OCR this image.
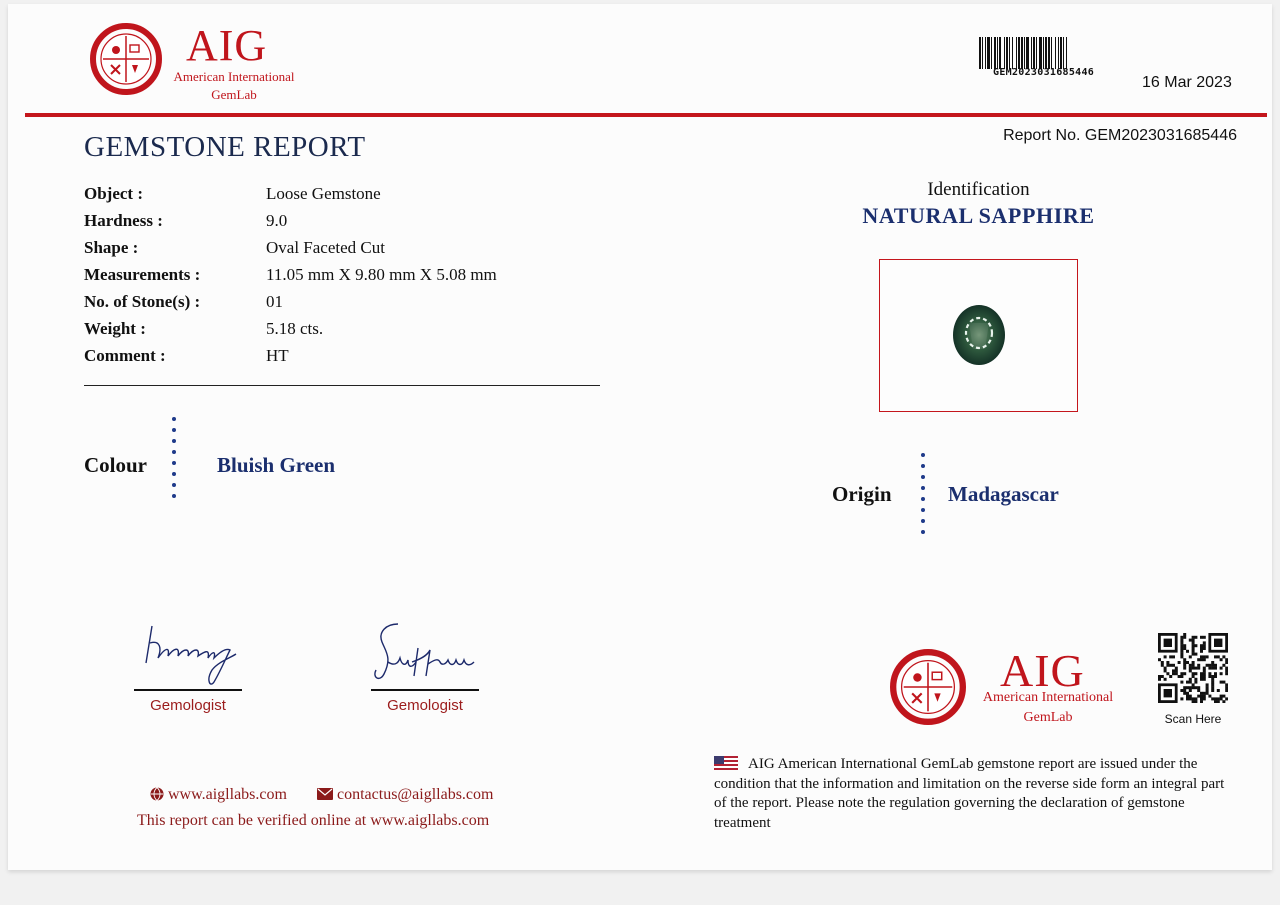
AIG
American International
GemLab
GEM2023031685446
16 Mar 2023
GEMSTONE REPORT	Report No. GEM2023031685446
Object :	Loose Gemstone
Hardness :	9.0
Shape :	Oval Faceted Cut
Measurements :	11.05 mm X 9.80 mm X 5.08 mm
No. of Stone(s) :	01
Weight :	5.18 cts.
Comment :	HT
Colour	Bluish Green
Identification
NATURAL SAPPHIRE
Origin	Madagascar
Gemologist	Gemologist
www.aigllabs.com	contactus@aigllabs.com
This report can be verified online at www.aigllabs.com
AIG
American International
GemLab	Scan Here
AIG American International GemLab gemstone report are issued under the condition that the information and limitation on the reverse side form an integral part of the report. Please note the regulation governing the declaration of gemstone treatment
